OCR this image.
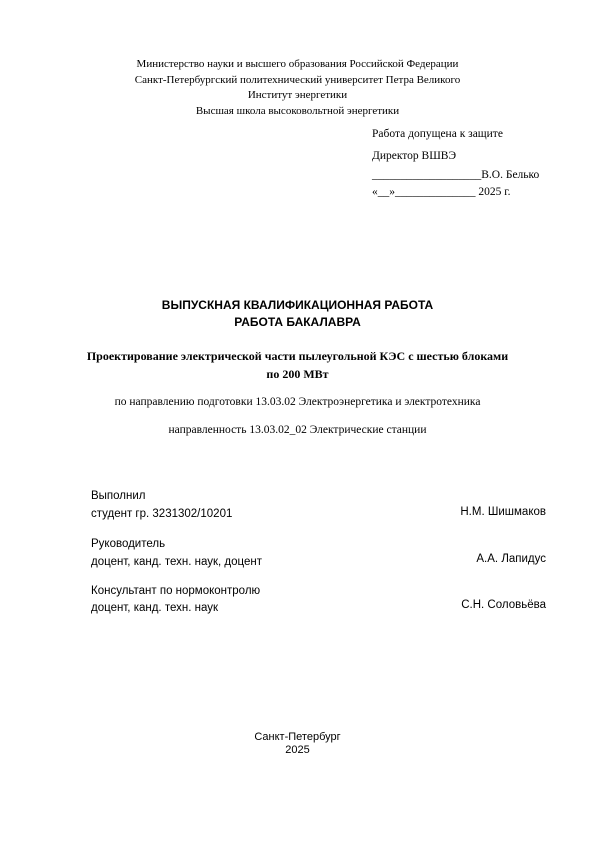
Министерство науки и высшего образования Российской Федерации
Санкт-Петербургский политехнический университет Петра Великого
Институт энергетики
Высшая школа высоковольтной энергетики
Работа допущена к защите
Директор ВШВЭ
___________________В.О. Белько
«__»______________ 2025 г.
ВЫПУСКНАЯ КВАЛИФИКАЦИОННАЯ РАБОТА
РАБОТА БАКАЛАВРА
Проектирование электрической части пылеугольной КЭС с шестью блоками по 200 МВт
по направлению подготовки 13.03.02 Электроэнергетика и электротехника
направленность 13.03.02_02 Электрические станции
Выполнил
студент гр. 3231302/10201	Н.М. Шишмаков
Руководитель
доцент, канд. техн. наук, доцент	А.А. Лапидус
Консультант по нормоконтролю
доцент, канд. техн. наук	С.Н. Соловьёва
Санкт-Петербург
2025
